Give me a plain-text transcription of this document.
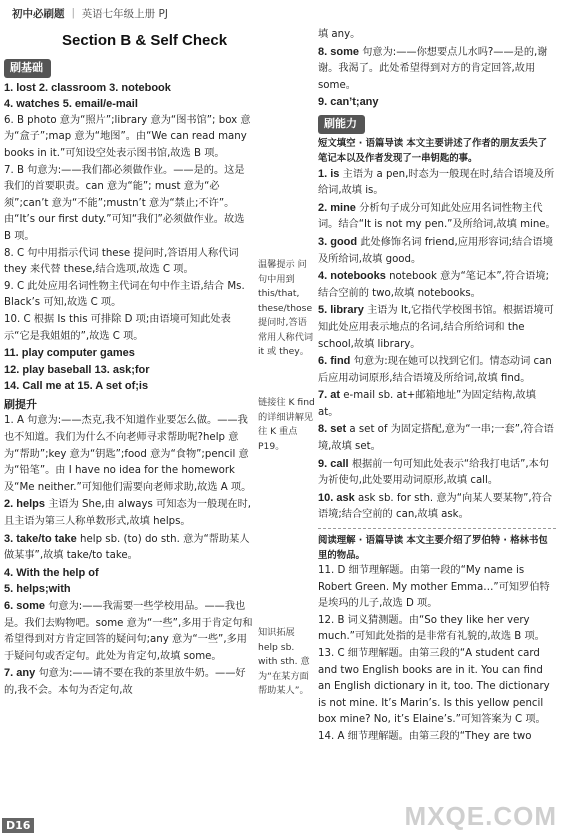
初中必刷题 ｜ 英语七年级上册 PJ
Section B & Self Check
刷基础
1. lost 2. classroom 3. notebook
4. watches 5. email/e-mail
6. B photo 意为“照片”;library 意为“图书馆”; box 意为“盒子”;map 意为“地图”。由“We can read many books in it.”可知设空处表示图书馆,故选 B 项。
7. B 句意为:——我们都必须做作业。——是的。这是我们的首要职责。can 意为“能”; must 意为“必须”;can’t 意为“不能”;mustn’t 意为“禁止;不许”。由“It’s our first duty.”可知“我们”必须做作业。故选 B 项。
8. C 句中用指示代词 these 提问时,答语用人称代词 they 来代替 these,结合选项,故选 C 项。
9. C 此处应用名词性物主代词在句中作主语,结合 Ms. Black’s 可知,故选 C 项。
10. C 根据 Is this 可排除 D 项;由语境可知此处表示“它是我姐姐的”,故选 C 项。
11. play computer games
12. play baseball 13. ask;for
14. Call me at 15. A set of;is
刷提升
1. A 句意为:——杰克,我不知道作业要怎么做。——我也不知道。我们为什么不向老师寻求帮助呢?help 意为“帮助”;key 意为“钥匙”;food 意为“食物”;pencil 意为“铅笔”。由 I have no idea for the homework 及“Me neither.”可知他们需要向老师求助,故选 A 项。
2. helps 主语为 She,由 always 可知态为一般现在时,且主语为第三人称单数形式,故填 helps。
3. take/to take help sb. (to) do sth. 意为“帮助某人做某事”,故填 take/to take。
4. With the help of
5. helps;with
6. some 句意为:——我需要一些学校用品。——我也是。我们去购物吧。some 意为“一些”,多用于肯定句和希望得到对方肯定回答的疑问句;any 意为“一些”,多用于疑问句或否定句。此处为肯定句,故填 some。
7. any 句意为:——请不要在我的茶里放牛奶。——好的,我不会。本句为否定句,故
温馨提示 问句中用到 this/that, these/those 提问时,答语常用人称代词 it 或 they。
链接往 K find 的详细讲解见往 K 重点 P19。
知识拓展 help sb. with sth. 意为“在某方面帮助某人”。
填 any。
8. some 句意为:——你想要点儿水吗?——是的,谢谢。我渴了。此处希望得到对方的肯定回答,故用 some。
9. can’t;any
刷能力
短文填空 · 语篇导读 本文主要讲述了作者的朋友丢失了笔记本以及作者发现了一串钥匙的事。
1. is 主语为 a pen,时态为一般现在时,结合语境及所给词,故填 is。
2. mine 分析句子成分可知此处应用名词性物主代词。结合“It is not my pen.”及所给词,故填 mine。
3. good 此处修饰名词 friend,应用形容词;结合语境及所给词,故填 good。
4. notebooks notebook 意为“笔记本”,符合语境;结合空前的 two,故填 notebooks。
5. library 主语为 It,它指代学校图书馆。根据语境可知此处应用表示地点的名词,结合所给词和 the school,故填 library。
6. find 句意为:现在她可以找到它们。情态动词 can 后应用动词原形,结合语境及所给词,故填 find。
7. at e-mail sb. at+邮箱地址”为固定结构,故填 at。
8. set a set of 为固定搭配,意为“一串;一套”,符合语境,故填 set。
9. call 根据前一句可知此处表示“给我打电话”,本句为祈使句,此处要用动词原形,故填 call。
10. ask ask sb. for sth. 意为“向某人要某物”,符合语境;结合空前的 can,故填 ask。
阅读理解 · 语篇导读 本文主要介绍了罗伯特 · 格林书包里的物品。
11. D 细节理解题。由第一段的“My name is Robert Green. My mother Emma…”可知罗伯特是埃玛的儿子,故选 D 项。
12. B 词义猜测题。由“So they like her very much.”可知此处指的是非常有礼貌的,故选 B 项。
13. C 细节理解题。由第三段的“A student card and two English books are in it. You can find an English dictionary in it, too. The dictionary is not mine. It’s Marin’s. Is this yellow pencil box mine? No, it’s Elaine’s.”可知答案为 C 项。
14. A 细节理解题。由第三段的“They are two
D16	MXQE.COM
